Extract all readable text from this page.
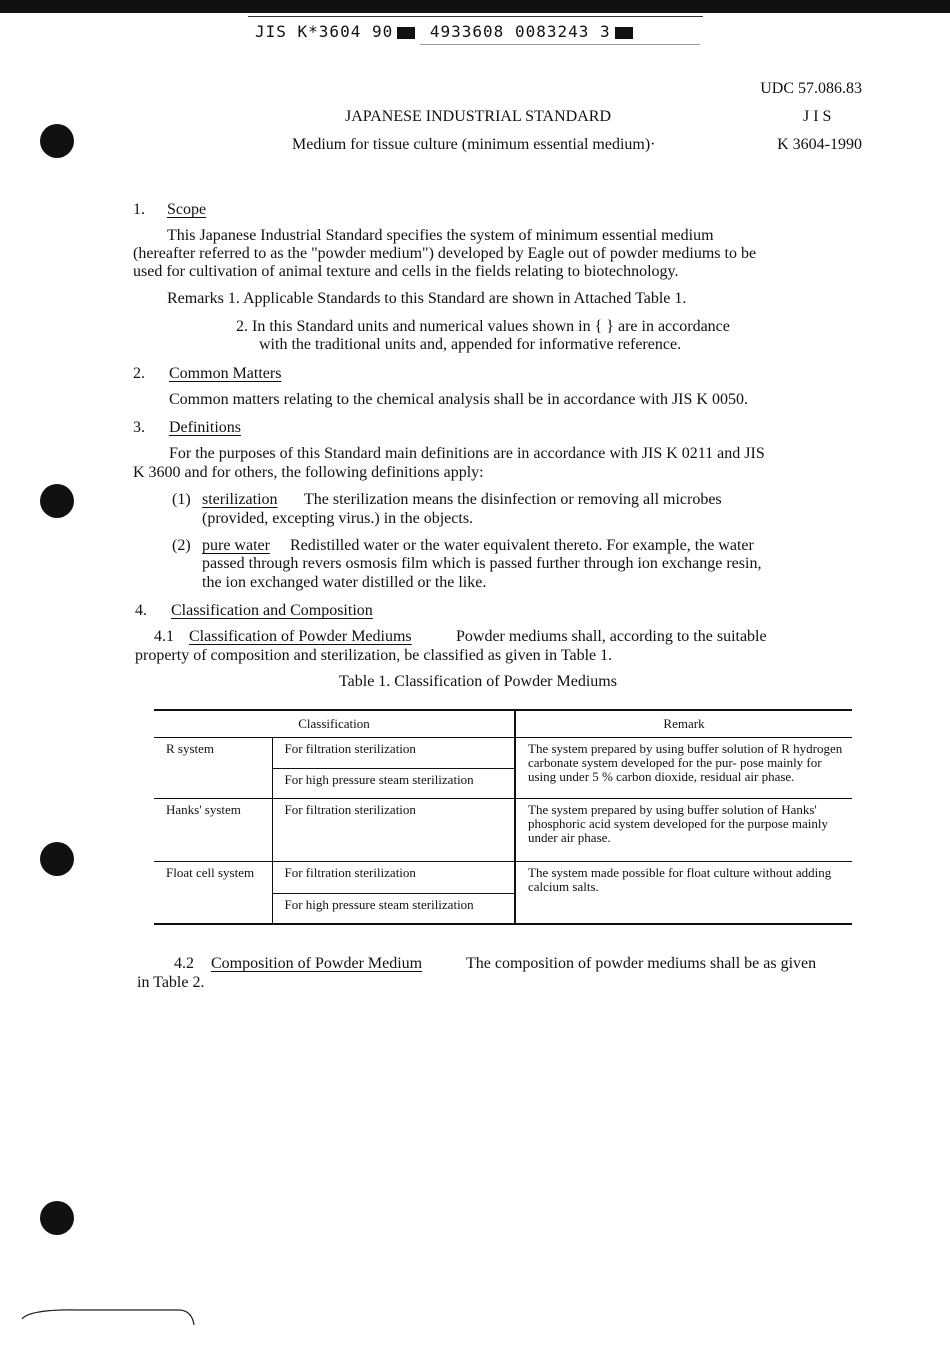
JIS K*3604 90 4933608 0083243 3
UDC 57.086.83
JAPANESE INDUSTRIAL STANDARD	J I S
Medium for tissue culture (minimum essential medium)·	K 3604-1990
1. Scope
This Japanese Industrial Standard specifies the system of minimum essential medium
(hereafter referred to as the "powder medium") developed by Eagle out of powder mediums to be
used for cultivation of animal texture and cells in the fields relating to biotechnology.
Remarks 1. Applicable Standards to this Standard are shown in Attached Table 1.
2. In this Standard units and numerical values shown in { } are in accordance
with the traditional units and, appended for informative reference.
2. Common Matters
Common matters relating to the chemical analysis shall be in accordance with JIS K 0050.
3. Definitions
For the purposes of this Standard main definitions are in accordance with JIS K 0211 and JIS
K 3600 and for others, the following definitions apply:
(1) sterilization The sterilization means the disinfection or removing all microbes
(provided, excepting virus.) in the objects.
(2) pure water Redistilled water or the water equivalent thereto. For example, the water
passed through revers osmosis film which is passed further through ion exchange resin,
the ion exchanged water distilled or the like.
4. Classification and Composition
4.1 Classification of Powder Mediums	Powder mediums shall, according to the suitable
property of composition and sterilization, be classified as given in Table 1.
Table 1. Classification of Powder Mediums
Classification		Remark
R system	For filtration sterilization	The system prepared by using buffer solution of R hydrogen carbonate system developed for the pur- pose mainly for using under 5 % carbon dioxide, residual air phase.
	For high pressure steam sterilization	
Hanks' system	For filtration sterilization	The system prepared by using buffer solution of Hanks' phosphoric acid system developed for the purpose mainly under air phase.
Float cell system	For filtration sterilization	The system made possible for float culture without adding calcium salts.
	For high pressure steam sterilization	
4.2 Composition of Powder Medium	The composition of powder mediums shall be as given
in Table 2.
